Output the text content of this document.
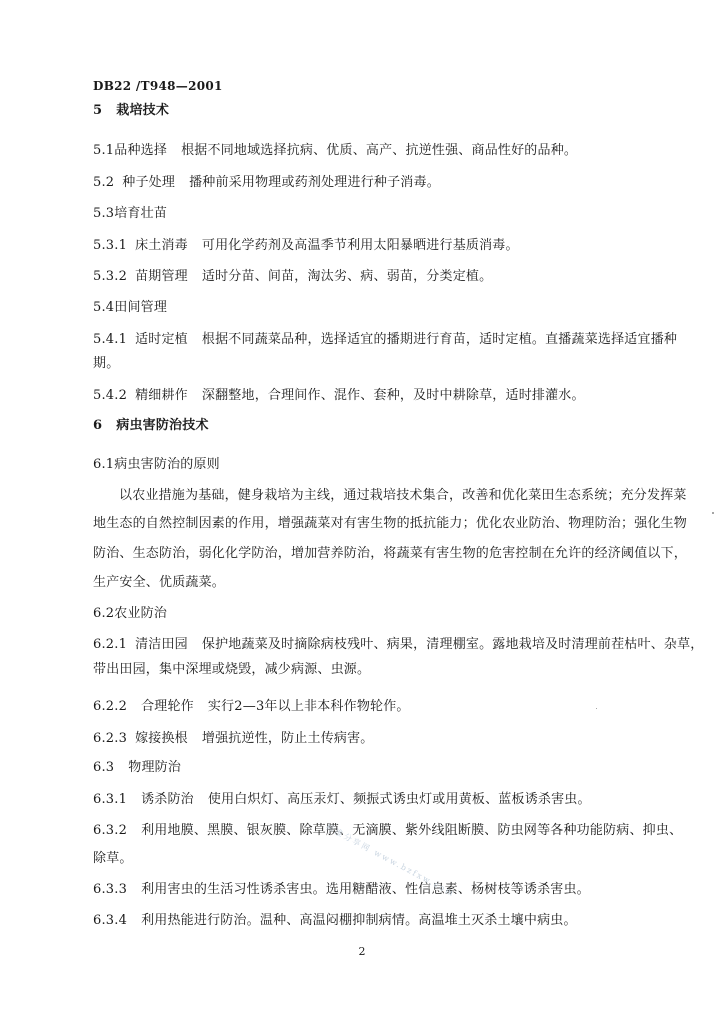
DB22 /T948—2001
5 栽培技术
5.1品种选择 根据不同地域选择抗病、优质、高产、抗逆性强、商品性好的品种。
5.2 种子处理 播种前采用物理或药剂处理进行种子消毒。
5.3培育壮苗
5.3.1 床土消毒 可用化学药剂及高温季节利用太阳暴晒进行基质消毒。
5.3.2 苗期管理 适时分苗、间苗，淘汰劣、病、弱苗，分类定植。
5.4田间管理
5.4.1 适时定植 根据不同蔬菜品种，选择适宜的播期进行育苗，适时定植。直播蔬菜选择适宜播种
期。
5.4.2 精细耕作 深翻整地，合理间作、混作、套种，及时中耕除草，适时排灌水。
6 病虫害防治技术
6.1病虫害防治的原则
以农业措施为基础，健身栽培为主线，通过栽培技术集合，改善和优化菜田生态系统；充分发挥菜
地生态的自然控制因素的作用，增强蔬菜对有害生物的抵抗能力；优化农业防治、物理防治；强化生物
防治、生态防治，弱化化学防治，增加营养防治，将蔬菜有害生物的危害控制在允许的经济阈值以下，
生产安全、优质蔬菜。
6.2农业防治
6.2.1 清洁田园 保护地蔬菜及时摘除病枝残叶、病果，清理棚室。露地栽培及时清理前茬枯叶、杂草，
带出田园，集中深埋或烧毁，减少病源、虫源。
6.2.2 合理轮作 实行2—3年以上非本科作物轮作。
6.2.3 嫁接换根 增强抗逆性，防止土传病害。
6.3 物理防治
6.3.1 诱杀防治 使用白炽灯、高压汞灯、频振式诱虫灯或用黄板、蓝板诱杀害虫。
6.3.2 利用地膜、黑膜、银灰膜、除草膜、无滴膜、紫外线阻断膜、防虫网等各种功能防病、抑虫、
除草。
6.3.3 利用害虫的生活习性诱杀害虫。选用糖醋液、性信息素、杨树枝等诱杀害虫。
6.3.4 利用热能进行防治。温种、高温闷棚抑制病情。高温堆土灭杀土壤中病虫。
标准分享网 www.bzfxw.com
2
